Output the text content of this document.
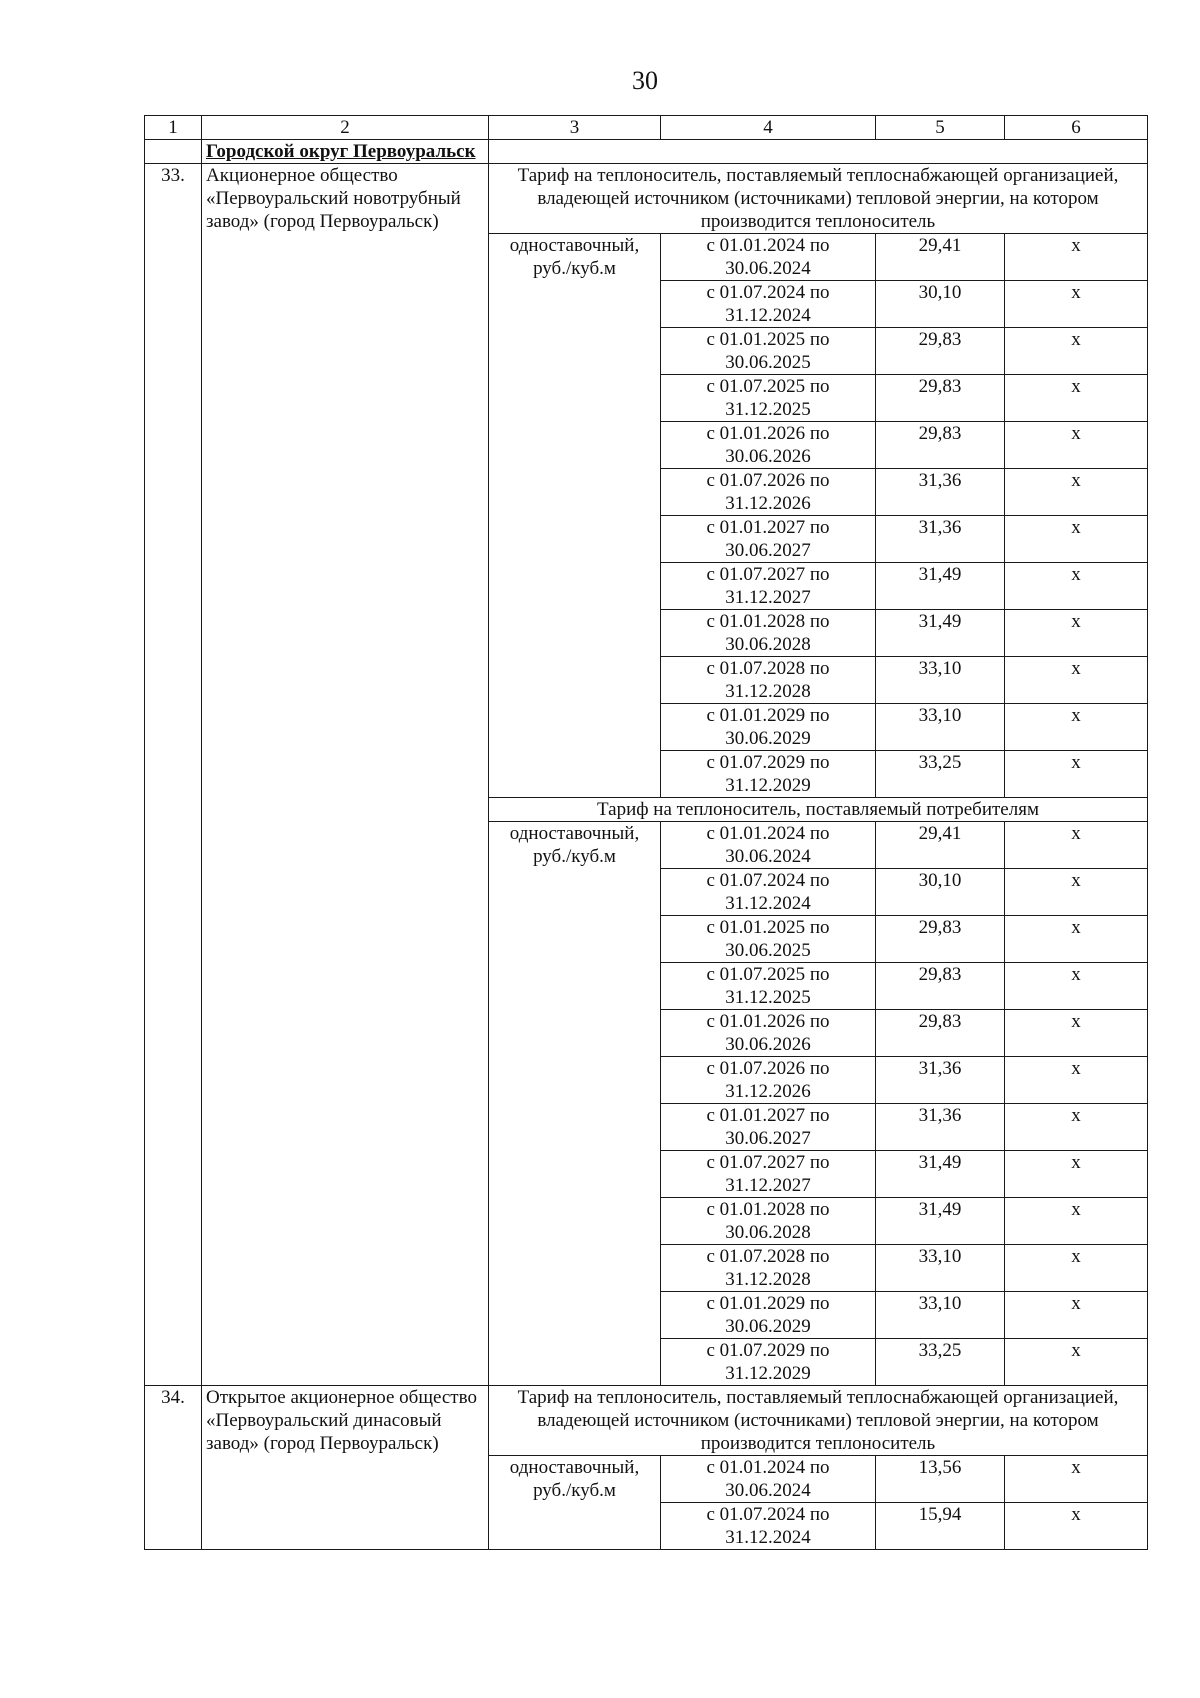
30
1	2	3	4	5	6
	Городской округ Первоуральск				
33.	Акционерное общество «Первоуральский новотрубный завод» (город Первоуральск)	Тариф на теплоноситель, поставляемый теплоснабжающей организацией, владеющей источником (источниками) тепловой энергии, на котором производится теплоноситель			
		одноставочный, руб./куб.м	с 01.01.2024 по 30.06.2024	29,41	х
			с 01.07.2024 по 31.12.2024	30,10	х
			с 01.01.2025 по 30.06.2025	29,83	х
			с 01.07.2025 по 31.12.2025	29,83	х
			с 01.01.2026 по 30.06.2026	29,83	х
			с 01.07.2026 по 31.12.2026	31,36	х
			с 01.01.2027 по 30.06.2027	31,36	х
			с 01.07.2027 по 31.12.2027	31,49	х
			с 01.01.2028 по 30.06.2028	31,49	х
			с 01.07.2028 по 31.12.2028	33,10	х
			с 01.01.2029 по 30.06.2029	33,10	х
			с 01.07.2029 по 31.12.2029	33,25	х
		Тариф на теплоноситель, поставляемый потребителям			
		одноставочный, руб./куб.м	с 01.01.2024 по 30.06.2024	29,41	х
			с 01.07.2024 по 31.12.2024	30,10	х
			с 01.01.2025 по 30.06.2025	29,83	х
			с 01.07.2025 по 31.12.2025	29,83	х
			с 01.01.2026 по 30.06.2026	29,83	х
			с 01.07.2026 по 31.12.2026	31,36	х
			с 01.01.2027 по 30.06.2027	31,36	х
			с 01.07.2027 по 31.12.2027	31,49	х
			с 01.01.2028 по 30.06.2028	31,49	х
			с 01.07.2028 по 31.12.2028	33,10	х
			с 01.01.2029 по 30.06.2029	33,10	х
			с 01.07.2029 по 31.12.2029	33,25	х
34.	Открытое акционерное общество «Первоуральский динасовый завод» (город Первоуральск)	Тариф на теплоноситель, поставляемый теплоснабжающей организацией, владеющей источником (источниками) тепловой энергии, на котором производится теплоноситель			
		одноставочный, руб./куб.м	с 01.01.2024 по 30.06.2024	13,56	х
			с 01.07.2024 по 31.12.2024	15,94	х
